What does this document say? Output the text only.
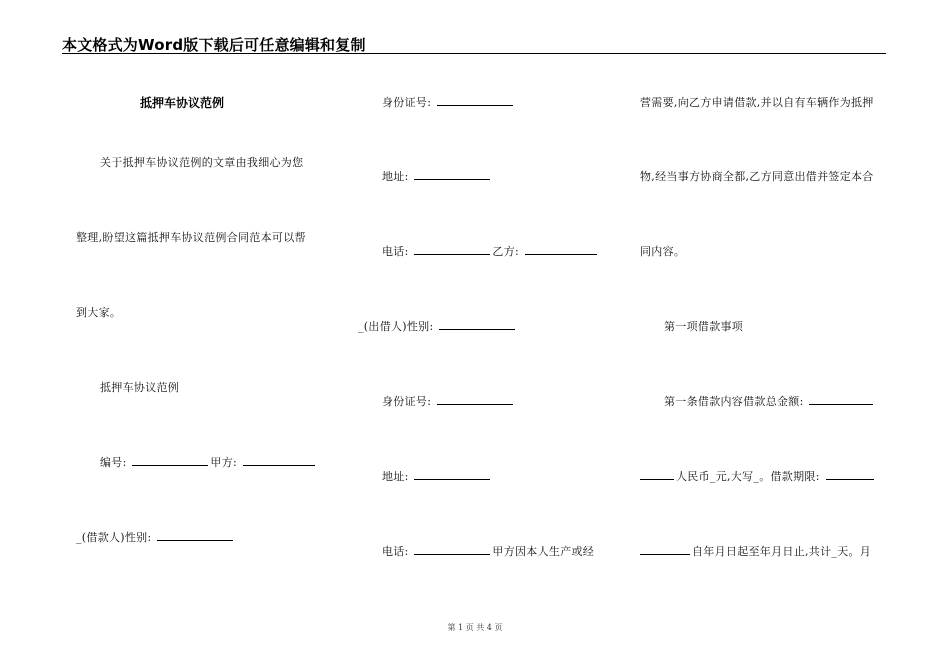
本文格式为Word版下载后可任意编辑和复制
抵押车协议范例
关于抵押车协议范例的文章由我细心为您
整理,盼望这篇抵押车协议范例合同范本可以帮
到大家。
抵押车协议范例
编号:	甲方:
_(借款人)性别:
身份证号:
地址:
电话:	乙方:
_(出借人)性别:
身份证号:
地址:
电话:	甲方因本人生产或经
营需要,向乙方申请借款,并以自有车辆作为抵押
物,经当事方协商全都,乙方同意出借并签定本合
同内容。
第一项借款事项
第一条借款内容借款总金额:
人民币_元,大写_。借款期限:
自年月日起至年月日止,共计_天。月
第 1 页 共 4 页
